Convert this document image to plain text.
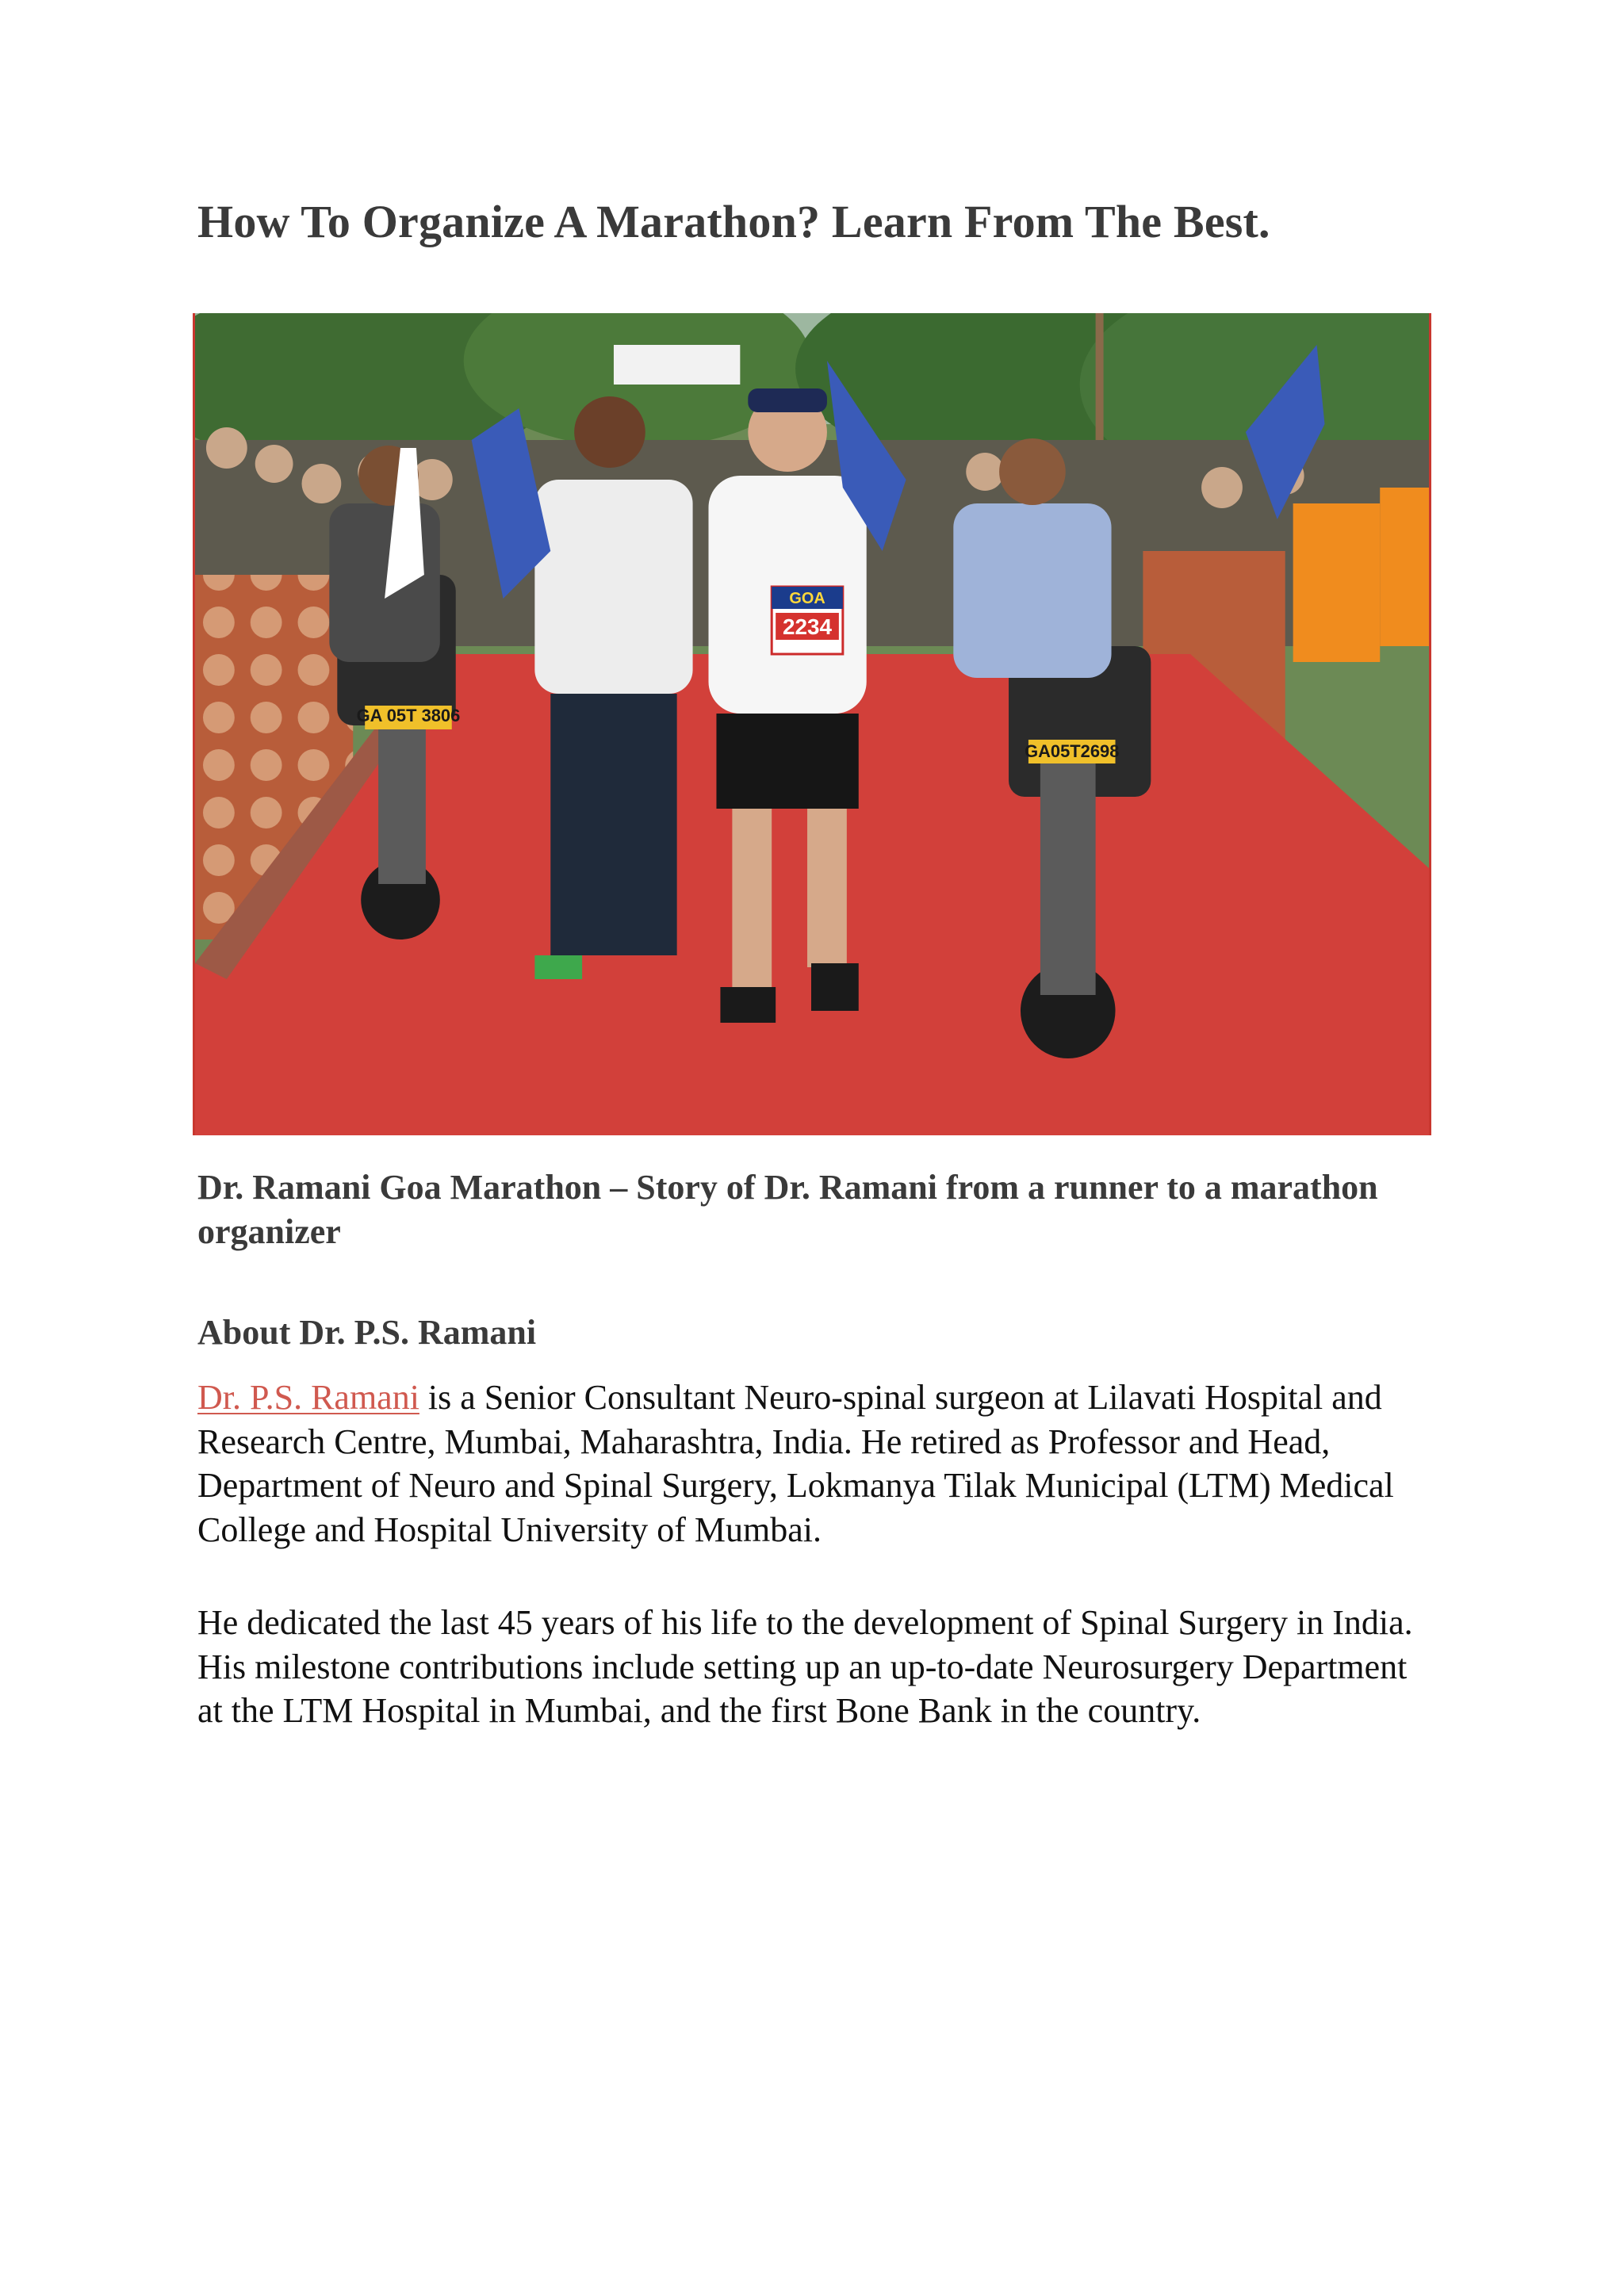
How To Organize A Marathon? Learn From The Best.
GA 05T 3806
GA05T2698
GOA
2234

Dr. Ramani Goa Marathon – Story of Dr. Ramani from a runner to a marathon organizer

About Dr. P.S. Ramani

Dr. P.S. Ramani is a Senior Consultant Neuro-spinal surgeon at Lilavati Hospital and Research Centre, Mumbai, Maharashtra, India. He retired as Professor and Head, Department of Neuro and Spinal Surgery, Lokmanya Tilak Municipal (LTM) Medical College and Hospital University of Mumbai.

He dedicated the last 45 years of his life to the development of Spinal Surgery in India. His milestone contributions include setting up an up-to-date Neurosurgery Department at the LTM Hospital in Mumbai, and the first Bone Bank in the country.
